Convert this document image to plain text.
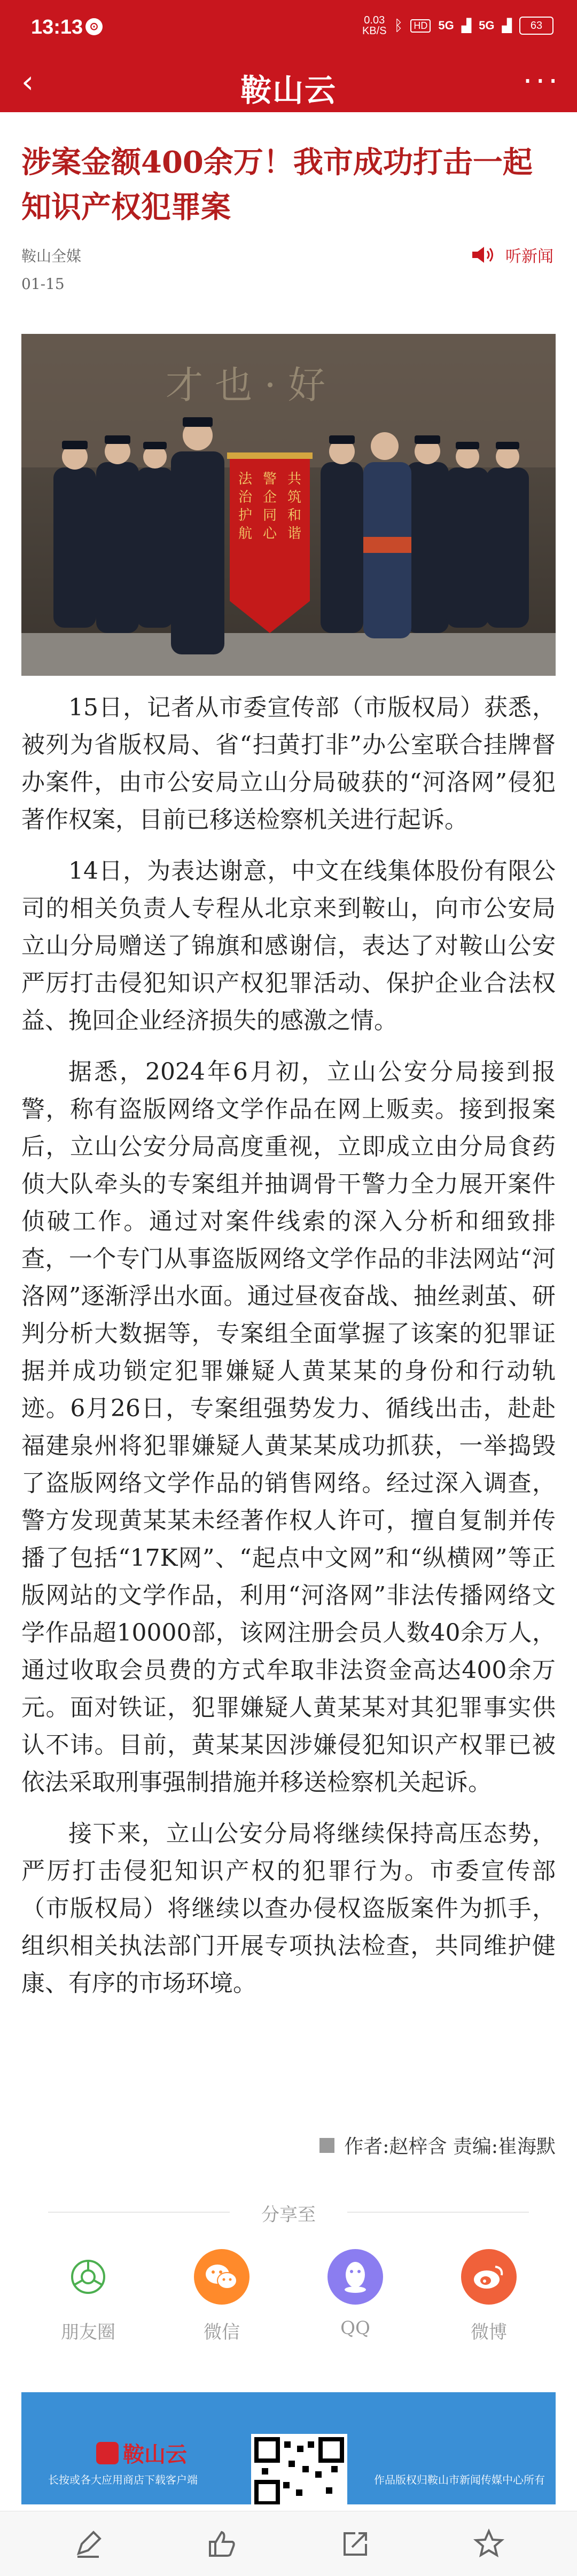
13:13 ⊙
0.03
KB/S ᛒ	HD 5G ▟ 5G ▟	63
‹	鞍山云	···
涉案金额400余万！我市成功打击一起知识产权犯罪案
鞍山全媒
01-15
听新闻
才 也 · 好
警
企
同
心
共
筑
和
谐
法
治
护
航

15日，记者从市委宣传部（市版权局）获悉，被列为省版权局、省“扫黄打非”办公室联合挂牌督办案件，由市公安局立山分局破获的“河洛网”侵犯著作权案，目前已移送检察机关进行起诉。

14日，为表达谢意，中文在线集体股份有限公司的相关负责人专程从北京来到鞍山，向市公安局立山分局赠送了锦旗和感谢信，表达了对鞍山公安严厉打击侵犯知识产权犯罪活动、保护企业合法权益、挽回企业经济损失的感激之情。

据悉，2024年6月初，立山公安分局接到报警，称有盗版网络文学作品在网上贩卖。接到报案后，立山公安分局高度重视，立即成立由分局食药侦大队牵头的专案组并抽调骨干警力全力展开案件侦破工作。通过对案件线索的深入分析和细致排查，一个专门从事盗版网络文学作品的非法网站“河洛网”逐渐浮出水面。通过昼夜奋战、抽丝剥茧、研判分析大数据等，专案组全面掌握了该案的犯罪证据并成功锁定犯罪嫌疑人黄某某的身份和行动轨迹。6月26日，专案组强势发力、循线出击，赴赴福建泉州将犯罪嫌疑人黄某某成功抓获，一举捣毁了盗版网络文学作品的销售网络。经过深入调查，警方发现黄某某未经著作权人许可，擅自复制并传播了包括“17K网”、“起点中文网”和“纵横网”等正版网站的文学作品，利用“河洛网”非法传播网络文学作品超10000部，该网注册会员人数40余万人，通过收取会员费的方式牟取非法资金高达400余万元。面对铁证，犯罪嫌疑人黄某某对其犯罪事实供认不讳。目前，黄某某因涉嫌侵犯知识产权罪已被依法采取刑事强制措施并移送检察机关起诉。

接下来，立山公安分局将继续保持高压态势，严厉打击侵犯知识产权的犯罪行为。市委宣传部（市版权局）将继续以查办侵权盗版案件为抓手，组织相关执法部门开展专项执法检查，共同维护健康、有序的市场环境。

作者:赵梓含 责编:崔海默
分享至
朋友圈	微信	QQ	微博
鞍山云
长按或各大应用商店下载客户端	作品版权归鞍山市新闻传媒中心所有
